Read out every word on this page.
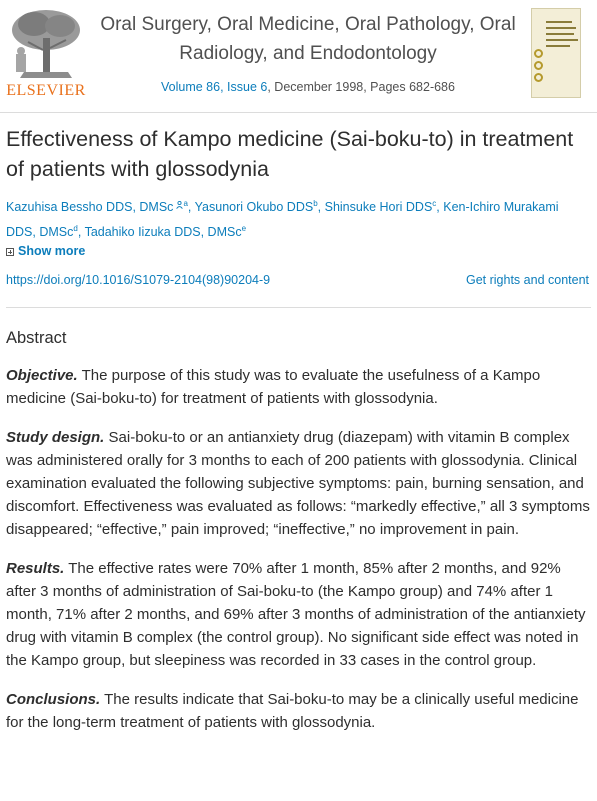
ELSEVIER
Oral Surgery, Oral Medicine, Oral Pathology, Oral Radiology, and Endodontology
Volume 86, Issue 6, December 1998, Pages 682-686
Effectiveness of Kampo medicine (Sai-boku-to) in treatment of patients with glossodynia
Kazuhisa Bessho DDS, DMSc $^a$, Yasunori Okubo DDS$^b$, Shinsuke Hori DDS$^c$, Ken-Ichiro Murakami DDS, DMSc$^d$, Tadahiko Iizuka DDS, DMSc$^e$
Show more
https://doi.org/10.1016/S1079-2104(98)90204-9	Get rights and content
Abstract

Objective. The purpose of this study was to evaluate the usefulness of a Kampo medicine (Sai-boku-to) for treatment of patients with glossodynia.

Study design. Sai-boku-to or an antianxiety drug (diazepam) with vitamin B complex was administered orally for 3 months to each of 200 patients with glossodynia. Clinical examination evaluated the following subjective symptoms: pain, burning sensation, and discomfort. Effectiveness was evaluated as follows: “markedly effective,” all 3 symptoms disappeared; “effective,” pain improved; “ineffective,” no improvement in pain.

Results. The effective rates were 70% after 1 month, 85% after 2 months, and 92% after 3 months of administration of Sai-boku-to (the Kampo group) and 74% after 1 month, 71% after 2 months, and 69% after 3 months of administration of the antianxiety drug with vitamin B complex (the control group). No significant side effect was noted in the Kampo group, but sleepiness was recorded in 33 cases in the control group.

Conclusions. The results indicate that Sai-boku-to may be a clinically useful medicine for the long-term treatment of patients with glossodynia.
